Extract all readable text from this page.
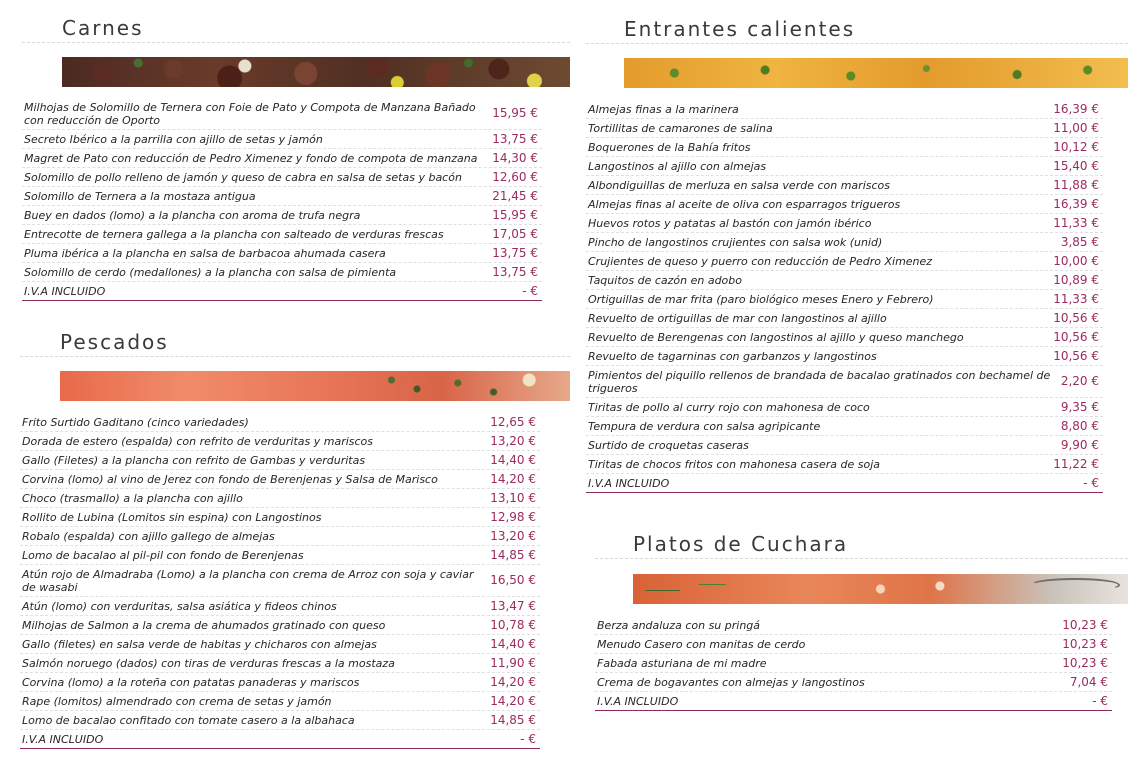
Carnes
Milhojas de Solomillo de Ternera con Foie de Pato y Compota de Manzana Bañado con reducción de Oporto	15,95 €
Secreto Ibérico a la parrilla con ajillo de setas y jamón	13,75 €
Magret de Pato con reducción de Pedro Ximenez y fondo de compota de manzana	14,30 €
Solomillo de pollo relleno de jamón y queso de cabra en salsa de setas y bacón	12,60 €
Solomillo de Ternera a la mostaza antigua	21,45 €
Buey en dados (lomo) a la plancha con aroma de trufa negra	15,95 €
Entrecotte de ternera gallega a la plancha con salteado de verduras frescas	17,05 €
Pluma ibérica a la plancha en salsa de barbacoa ahumada casera	13,75 €
Solomillo de cerdo (medallones) a la plancha con salsa de pimienta	13,75 €
I.V.A INCLUIDO	- €
Pescados
Frito Surtido Gaditano (cinco variedades)	12,65 €
Dorada de estero (espalda) con refrito de verduritas y mariscos	13,20 €
Gallo (Filetes) a la plancha con refrito de Gambas y verduritas	14,40 €
Corvina (lomo) al vino de Jerez con fondo de Berenjenas y Salsa de Marisco	14,20 €
Choco (trasmallo) a la plancha con ajillo	13,10 €
Rollito de Lubina (Lomitos sin espina) con Langostinos	12,98 €
Robalo (espalda) con ajillo gallego de almejas	13,20 €
Lomo de bacalao al pil-pil con fondo de Berenjenas	14,85 €
Atún rojo de Almadraba (Lomo) a la plancha con crema de Arroz con soja y caviar de wasabi	16,50 €
Atún (lomo) con verduritas, salsa asiática y fideos chinos	13,47 €
Milhojas de Salmon a la crema de ahumados gratinado con queso	10,78 €
Gallo (filetes) en salsa verde de habitas y chicharos con almejas	14,40 €
Salmón noruego (dados) con tiras de verduras frescas a la mostaza	11,90 €
Corvina (lomo) a la roteña con patatas panaderas y mariscos	14,20 €
Rape (lomitos) almendrado con crema de setas y jamón	14,20 €
Lomo de bacalao confitado con tomate casero a la albahaca	14,85 €
I.V.A INCLUIDO	- €
Entrantes calientes
Almejas finas a la marinera	16,39 €
Tortillitas de camarones de salina	11,00 €
Boquerones de la Bahía fritos	10,12 €
Langostinos al ajillo con almejas	15,40 €
Albondiguillas de merluza en salsa verde con mariscos	11,88 €
Almejas finas al aceite de oliva con esparragos trigueros	16,39 €
Huevos rotos y patatas al bastón con jamón ibérico	11,33 €
Pincho de langostinos crujientes con salsa wok (unid)	3,85 €
Crujientes de queso y puerro con reducción de Pedro Ximenez	10,00 €
Taquitos de cazón en adobo	10,89 €
Ortiguillas de mar frita (paro biológico meses Enero y Febrero)	11,33 €
Revuelto de ortiguillas de mar con langostinos al ajillo	10,56 €
Revuelto de Berengenas con langostinos al ajillo y queso manchego	10,56 €
Revuelto de tagarninas con garbanzos y langostinos	10,56 €
Pimientos del piquillo rellenos de brandada de bacalao gratinados con bechamel de trigueros	2,20 €
Tiritas de pollo al curry rojo con mahonesa de coco	9,35 €
Tempura de verdura con salsa agripicante	8,80 €
Surtido de croquetas caseras	9,90 €
Tiritas de chocos fritos con mahonesa casera de soja	11,22 €
I.V.A INCLUIDO	- €
Platos de Cuchara
Berza andaluza con su pringá	10,23 €
Menudo Casero con manitas de cerdo	10,23 €
Fabada asturiana de mi madre	10,23 €
Crema de bogavantes con almejas y langostinos	7,04 €
I.V.A INCLUIDO	- €
